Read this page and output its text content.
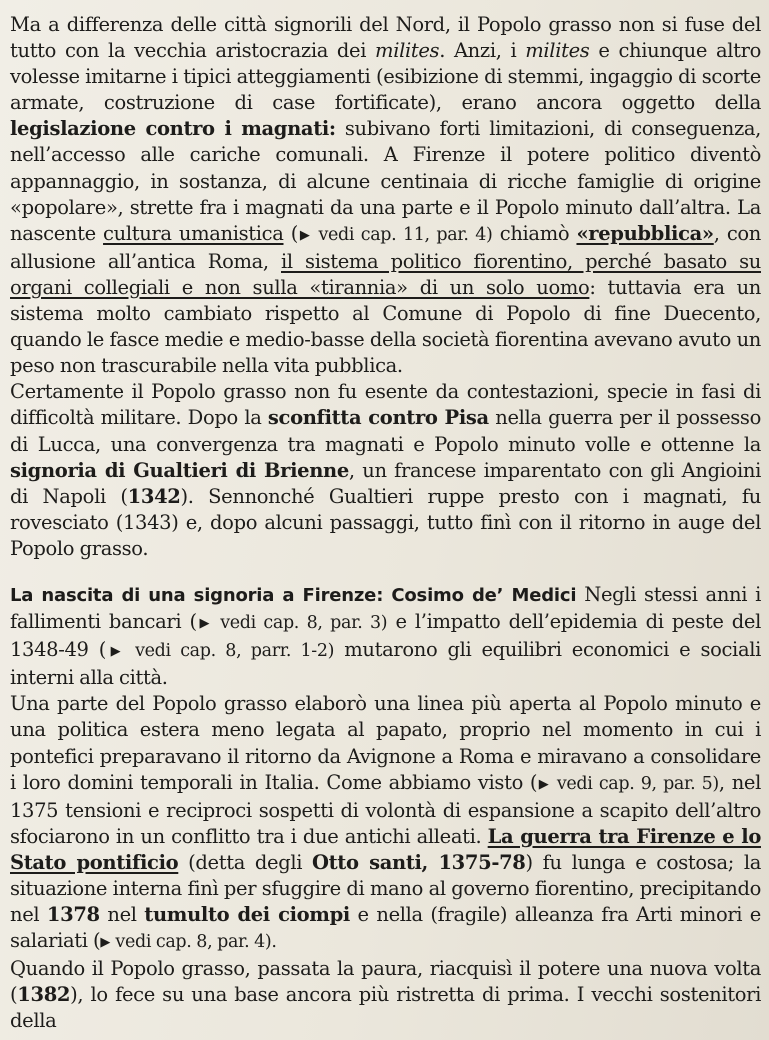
Ma a differenza delle città signorili del Nord, il Popolo grasso non si fuse del tutto con la vecchia aristocrazia dei milites. Anzi, i milites e chiunque altro volesse imitarne i tipici atteggiamenti (esibizione di stemmi, ingaggio di scorte armate, costruzione di case fortificate), erano ancora oggetto della legislazione contro i magnati: subivano forti limitazioni, di conseguenza, nell’accesso alle cariche comunali. A Firenze il potere politico diventò appannaggio, in sostanza, di alcune centinaia di ricche famiglie di origine «popolare», strette fra i magnati da una parte e il Popolo minuto dall’altra. La nascente cultura umanistica (▶ vedi cap. 11, par. 4) chiamò «repubblica», con allusione all’antica Roma, il sistema politico fiorentino, perché basato su organi collegiali e non sulla «tirannia» di un solo uomo: tuttavia era un sistema molto cambiato rispetto al Comune di Popolo di fine Duecento, quando le fasce medie e medio-basse della società fiorentina avevano avuto un peso non trascurabile nella vita pubblica.

Certamente il Popolo grasso non fu esente da contestazioni, specie in fasi di difficoltà militare. Dopo la sconfitta contro Pisa nella guerra per il possesso di Lucca, una convergenza tra magnati e Popolo minuto volle e ottenne la signoria di Gualtieri di Brienne, un francese imparentato con gli Angioini di Napoli (1342). Sennonché Gualtieri ruppe presto con i magnati, fu rovesciato (1343) e, dopo alcuni passaggi, tutto finì con il ritorno in auge del Popolo grasso.

La nascita di una signoria a Firenze: Cosimo de’ Medici Negli stessi anni i fallimenti bancari (▶ vedi cap. 8, par. 3) e l’impatto dell’epidemia di peste del 1348-49 (▶ vedi cap. 8, parr. 1-2) mutarono gli equilibri economici e sociali interni alla città.

Una parte del Popolo grasso elaborò una linea più aperta al Popolo minuto e una politica estera meno legata al papato, proprio nel momento in cui i pontefici preparavano il ritorno da Avignone a Roma e miravano a consolidare i loro domini temporali in Italia. Come abbiamo visto (▶ vedi cap. 9, par. 5), nel 1375 tensioni e reciproci sospetti di volontà di espansione a scapito dell’altro sfociarono in un conflitto tra i due antichi alleati. La guerra tra Firenze e lo Stato pontificio (detta degli Otto santi, 1375-78) fu lunga e costosa; la situazione interna finì per sfuggire di mano al governo fiorentino, precipitando nel 1378 nel tumulto dei ciompi e nella (fragile) alleanza fra Arti minori e salariati (▶ vedi cap. 8, par. 4).

Quando il Popolo grasso, passata la paura, riacquisì il potere una nuova volta (1382), lo fece su una base ancora più ristretta di prima. I vecchi sostenitori della
